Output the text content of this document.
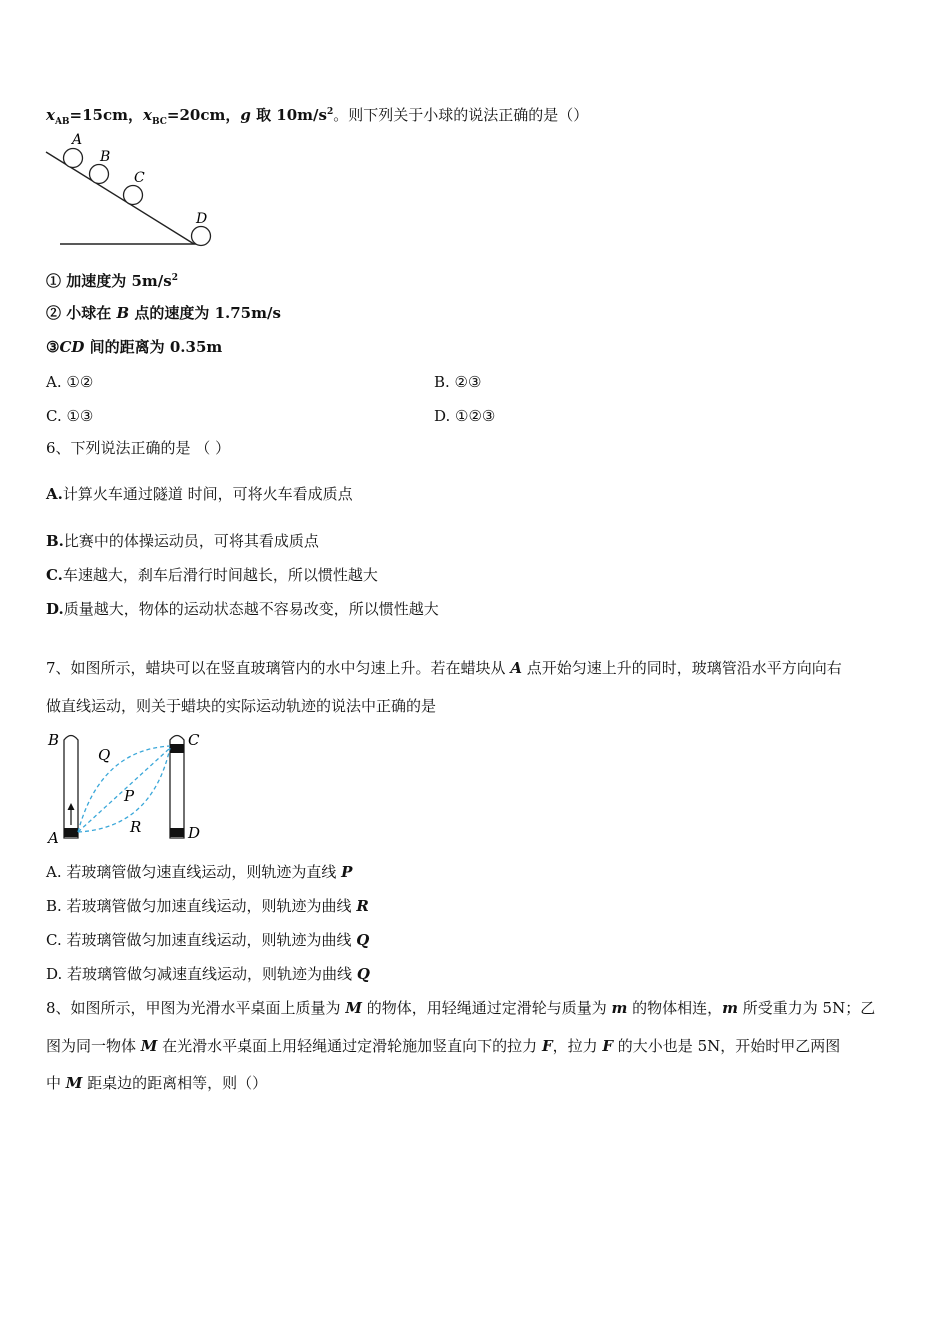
$x_{AB}=15cm$，$x_{BC}=20cm$，g 取 $10m/s^2$。则下列关于小球的说法正确的是（）
A
B
C
D
① 加速度为 $5m/s^2$
② 小球在 B 点的速度为 1.75m/s
③CD 间的距离为 0.35m
A. ①②	B. ②③
C. ①③	D. ①②③
6、下列说法正确的是 （ ）
A.计算火车通过隧道 时间，可将火车看成质点
B.比赛中的体操运动员，可将其看成质点
C.车速越大，刹车后滑行时间越长，所以惯性越大
D.质量越大，物体的运动状态越不容易改变，所以惯性越大
7、如图所示，蜡块可以在竖直玻璃管内的水中匀速上升。若在蜡块从 A 点开始匀速上升的同时，玻璃管沿水平方向向右
做直线运动，则关于蜡块的实际运动轨迹的说法中正确的是
B
Q
C
P
R
A	D
A. 若玻璃管做匀速直线运动，则轨迹为直线 P
B. 若玻璃管做匀加速直线运动，则轨迹为曲线 R
C. 若玻璃管做匀加速直线运动，则轨迹为曲线 Q
D. 若玻璃管做匀减速直线运动，则轨迹为曲线 Q
8、如图所示，甲图为光滑水平桌面上质量为 M 的物体，用轻绳通过定滑轮与质量为 m 的物体相连，m 所受重力为 5N；乙
图为同一物体 M 在光滑水平桌面上用轻绳通过定滑轮施加竖直向下的拉力 F，拉力 F 的大小也是 5N，开始时甲乙两图
中 M 距桌边的距离相等，则（）
